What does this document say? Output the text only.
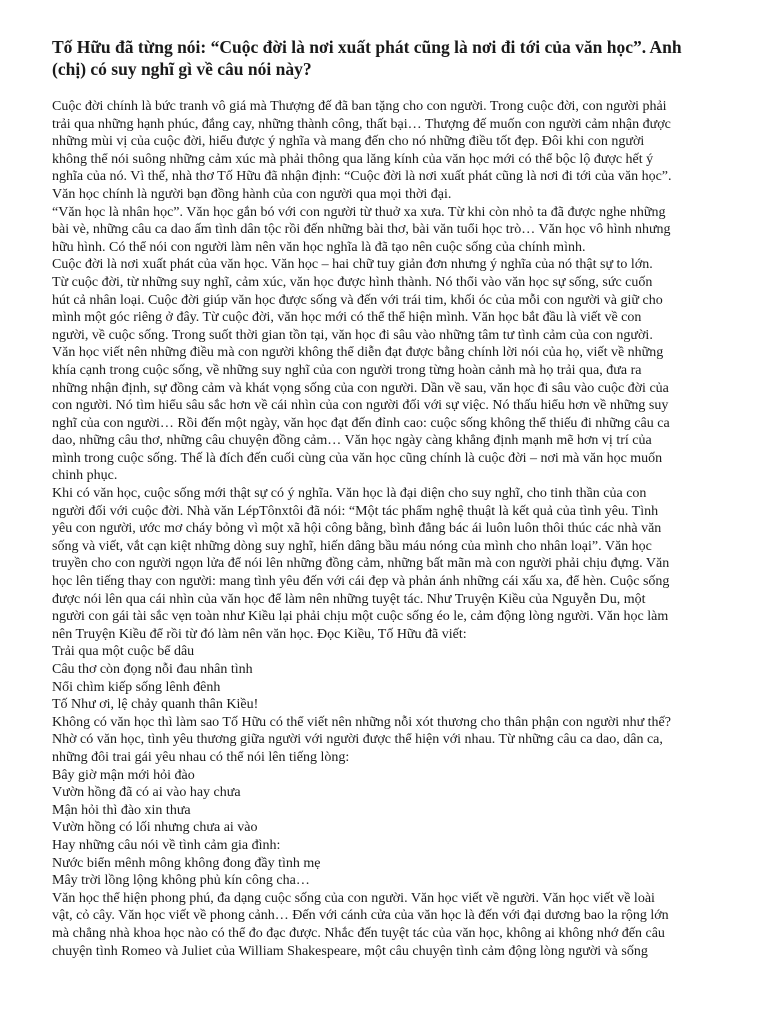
Tố Hữu đã từng nói: “Cuộc đời là nơi xuất phát cũng là nơi đi tới của văn học”. Anh
(chị) có suy nghĩ gì về câu nói này?
Cuộc đời chính là bức tranh vô giá mà Thượng đế đã ban tặng cho con người. Trong cuộc đời, con người phải
trải qua những hạnh phúc, đắng cay, những thành công, thất bại… Thượng đế muốn con người cảm nhận được
những mùi vị của cuộc đời, hiểu được ý nghĩa và mang đến cho nó những điều tốt đẹp. Đôi khi con người
không thể nói suông những cảm xúc mà phải thông qua lăng kính của văn học mới có thể bộc lộ được hết ý
nghĩa của nó. Vì thế, nhà thơ Tố Hữu đã nhận định: “Cuộc đời là nơi xuất phát cũng là nơi đi tới của văn học”.
Văn học chính là người bạn đồng hành của con người qua mọi thời đại.
“Văn học là nhân học”. Văn học gắn bó với con người từ thuở xa xưa. Từ khi còn nhỏ ta đã được nghe những
bài vè, những câu ca dao ấm tình dân tộc rồi đến những bài thơ, bài văn tuổi học trò… Văn học vô hình nhưng
hữu hình. Có thể nói con người làm nên văn học nghĩa là đã tạo nên cuộc sống của chính mình.
Cuộc đời là nơi xuất phát của văn học. Văn học – hai chữ tuy giản đơn nhưng ý nghĩa của nó thật sự to lớn.
Từ cuộc đời, từ những suy nghĩ, cảm xúc, văn học được hình thành. Nó thổi vào văn học sự sống, sức cuốn
hút cả nhân loại. Cuộc đời giúp văn học được sống và đến với trái tim, khối óc của mỗi con người và giữ cho
mình một góc riêng ở đây. Từ cuộc đời, văn học mới có thể thể hiện mình. Văn học bắt đầu là viết về con
người, về cuộc sống. Trong suốt thời gian tồn tại, văn học đi sâu vào những tâm tư tình cảm của con người.
Văn học viết nên những điều mà con người không thể diễn đạt được bằng chính lời nói của họ, viết về những
khía cạnh trong cuộc sống, về những suy nghĩ của con người trong từng hoàn cảnh mà họ trải qua, đưa ra
những nhận định, sự đồng cảm và khát vọng sống của con người. Dần về sau, văn học đi sâu vào cuộc đời của
con người. Nó tìm hiểu sâu sắc hơn về cái nhìn của con người đối với sự việc. Nó thấu hiểu hơn về những suy
nghĩ của con người… Rồi đến một ngày, văn học đạt đến đỉnh cao: cuộc sống không thể thiếu đi những câu ca
dao, những câu thơ, những câu chuyện đồng cảm… Văn học ngày càng khẳng định mạnh mẽ hơn vị trí của
mình trong cuộc sống. Thế là đích đến cuối cùng của văn học cũng chính là cuộc đời – nơi mà văn học muốn
chinh phục.
Khi có văn học, cuộc sống mới thật sự có ý nghĩa. Văn học là đại diện cho suy nghĩ, cho tinh thần của con
người đối với cuộc đời. Nhà văn LépTônxtôi đã nói: “Một tác phẩm nghệ thuật là kết quả của tình yêu. Tình
yêu con người, ước mơ cháy bỏng vì một xã hội công bằng, bình đẳng bác ái luôn luôn thôi thúc các nhà văn
sống và viết, vắt cạn kiệt những dòng suy nghĩ, hiến dâng bầu máu nóng của mình cho nhân loại”. Văn học
truyền cho con người ngọn lửa để nói lên những đồng cảm, những bất mãn mà con người phải chịu đựng. Văn
học lên tiếng thay con người: mang tình yêu đến với cái đẹp và phản ánh những cái xấu xa, để hèn. Cuộc sống
được nói lên qua cái nhìn của văn học để làm nên những tuyệt tác. Như Truyện Kiều của Nguyễn Du, một
người con gái tài sắc vẹn toàn như Kiều lại phải chịu một cuộc sống éo le, cảm động lòng người. Văn học làm
nên Truyện Kiều để rồi từ đó làm nên văn học. Đọc Kiều, Tố Hữu đã viết:
Trải qua một cuộc bể dâu
Câu thơ còn đọng nỗi đau nhân tình
Nổi chìm kiếp sống lênh đênh
Tố Như ơi, lệ chảy quanh thân Kiều!
Không có văn học thì làm sao Tố Hữu có thể viết nên những nỗi xót thương cho thân phận con người như thế?
Nhờ có văn học, tình yêu thương giữa người với người được thể hiện với nhau. Từ những câu ca dao, dân ca,
những đôi trai gái yêu nhau có thể nói lên tiếng lòng:
Bây giờ mận mới hỏi đào
Vườn hồng đã có ai vào hay chưa
Mận hỏi thì đào xin thưa
Vườn hồng có lối nhưng chưa ai vào
Hay những câu nói về tình cảm gia đình:
Nước biển mênh mông không đong đầy tình mẹ
Mây trời lồng lộng không phủ kín công cha…
Văn học thể hiện phong phú, đa dạng cuộc sống của con người. Văn học viết về người. Văn học viết về loài
vật, cỏ cây. Văn học viết về phong cảnh… Đến với cánh cửa của văn học là đến với đại dương bao la rộng lớn
mà chẳng nhà khoa học nào có thể đo đạc được. Nhắc đến tuyệt tác của văn học, không ai không nhớ đến câu
chuyện tình Romeo và Juliet của William Shakespeare, một câu chuyện tình cảm động lòng người và sống
